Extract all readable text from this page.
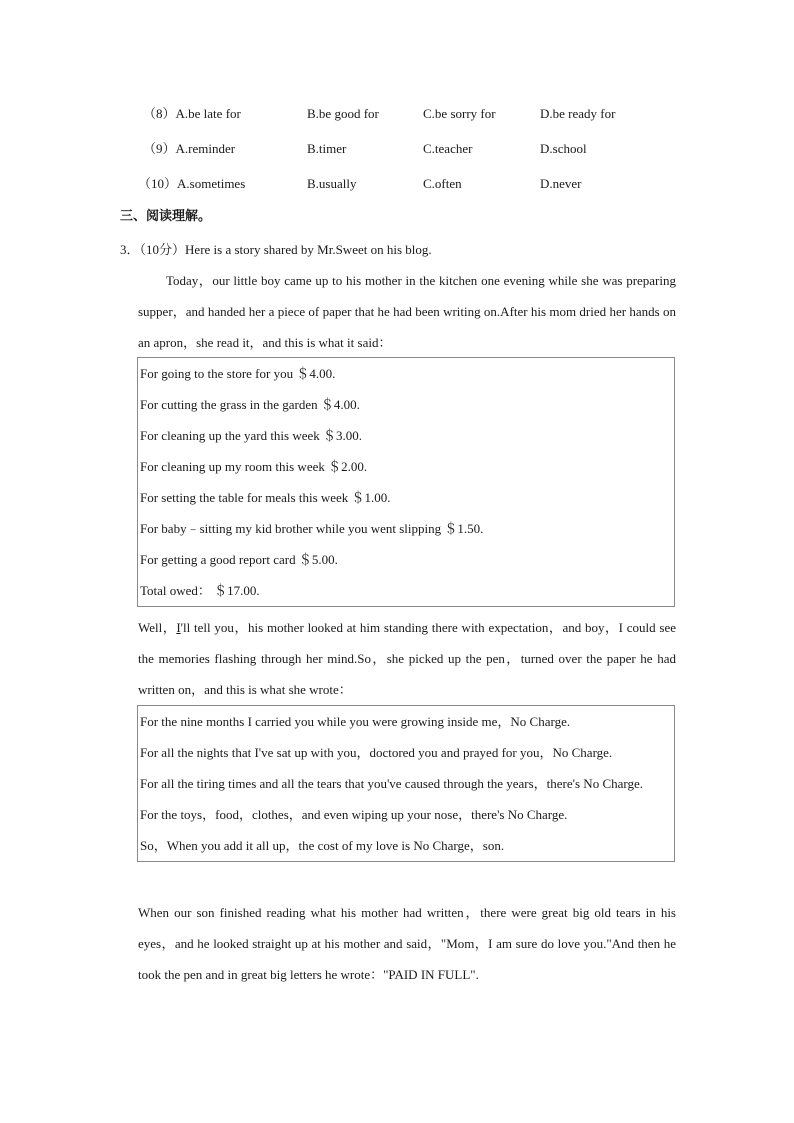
（8）A.be late for	B.be good for	C.be sorry for	D.be ready for
（9）A.reminder	B.timer	C.teacher	D.school
（10）A.sometimes	B.usually	C.often	D.never
三、阅读理解。
3．（10分）Here is a story shared by Mr.Sweet on his blog.

Today，our little boy came up to his mother in the kitchen one evening while she was preparing supper，and handed her a piece of paper that he had been writing on.After his mom dried her hands on an apron，she read it，and this is what it said：

For going to the store for you ＄4.00.

For cutting the grass in the garden ＄4.00.

For cleaning up the yard this week ＄3.00.

For cleaning up my room this week ＄2.00.

For setting the table for meals this week ＄1.00.

For baby﹣sitting my kid brother while you went slipping ＄1.50.

For getting a good report card ＄5.00.

Total owed： ＄17.00.

Well，I'll tell you，his mother looked at him standing there with expectation，and boy，I could see the memories flashing through her mind.So，she picked up the pen，turned over the paper he had written on，and this is what she wrote：

For the nine months I carried you while you were growing inside me，No Charge.

For all the nights that I've sat up with you，doctored you and prayed for you，No Charge.

For all the tiring times and all the tears that you've caused through the years，there's No Charge.

For the toys，food，clothes，and even wiping up your nose，there's No Charge.

So，When you add it all up，the cost of my love is No Charge，son.

When our son finished reading what his mother had written，there were great big old tears in his eyes，and he looked straight up at his mother and said，"Mom，I am sure do love you."And then he took the pen and in great big letters he wrote："PAID IN FULL".
